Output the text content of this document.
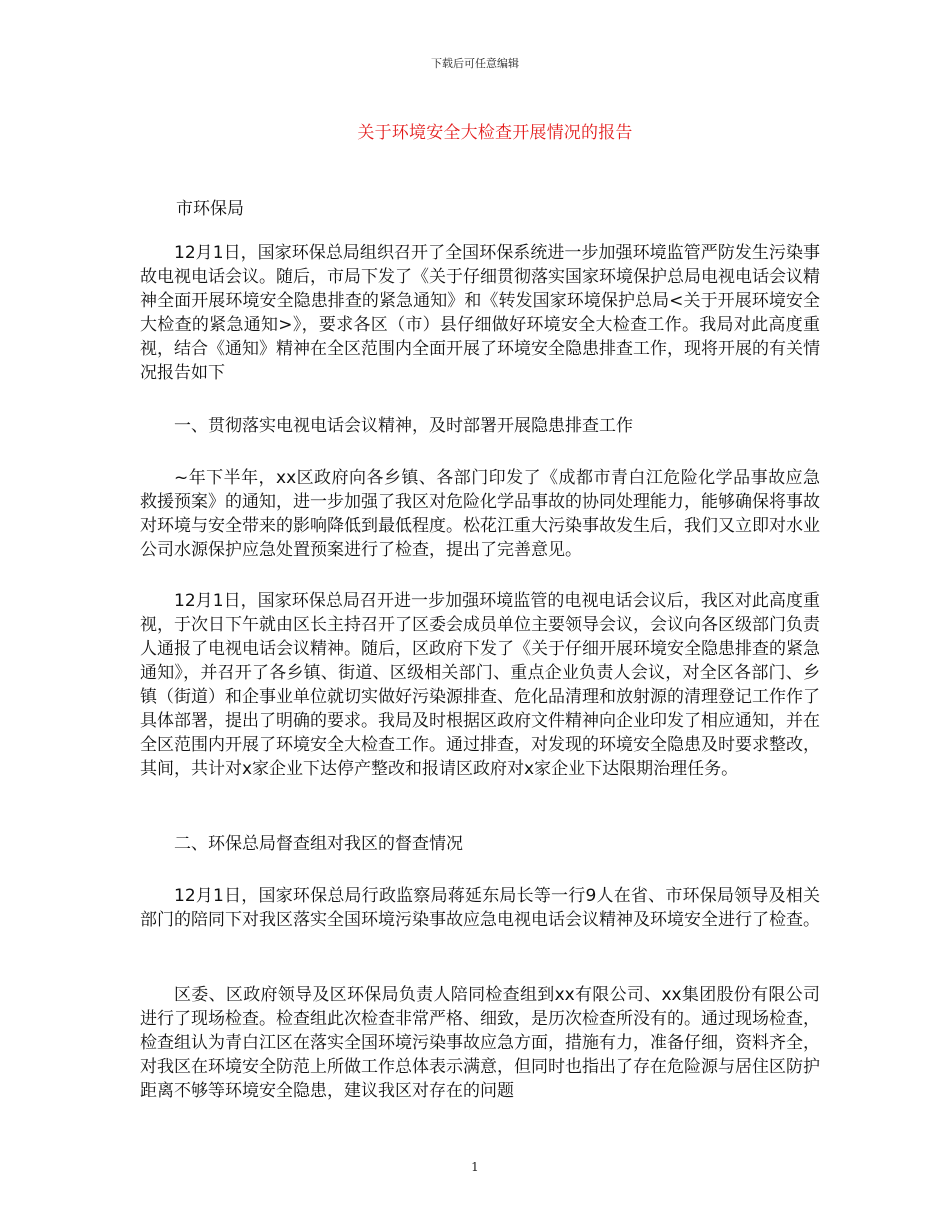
下载后可任意编辑
关于环境安全大检查开展情况的报告
市环保局

12月1日，国家环保总局组织召开了全国环保系统进一步加强环境监管严防发生污染事故电视电话会议。随后，市局下发了《关于仔细贯彻落实国家环境保护总局电视电话会议精神全面开展环境安全隐患排查的紧急通知》和《转发国家环境保护总局<关于开展环境安全大检查的紧急通知>》，要求各区（市）县仔细做好环境安全大检查工作。我局对此高度重视，结合《通知》精神在全区范围内全面开展了环境安全隐患排查工作，现将开展的有关情况报告如下

一、贯彻落实电视电话会议精神，及时部署开展隐患排查工作

~年下半年，xx区政府向各乡镇、各部门印发了《成都市青白江危险化学品事故应急救援预案》的通知，进一步加强了我区对危险化学品事故的协同处理能力，能够确保将事故对环境与安全带来的影响降低到最低程度。松花江重大污染事故发生后，我们又立即对水业公司水源保护应急处置预案进行了检查，提出了完善意见。

12月1日，国家环保总局召开进一步加强环境监管的电视电话会议后，我区对此高度重视，于次日下午就由区长主持召开了区委会成员单位主要领导会议，会议向各区级部门负责人通报了电视电话会议精神。随后，区政府下发了《关于仔细开展环境安全隐患排查的紧急通知》，并召开了各乡镇、街道、区级相关部门、重点企业负责人会议，对全区各部门、乡镇（街道）和企事业单位就切实做好污染源排查、危化品清理和放射源的清理登记工作作了具体部署，提出了明确的要求。我局及时根据区政府文件精神向企业印发了相应通知，并在全区范围内开展了环境安全大检查工作。通过排查，对发现的环境安全隐患及时要求整改，其间，共计对x家企业下达停产整改和报请区政府对x家企业下达限期治理任务。

二、环保总局督查组对我区的督查情况

12月1日，国家环保总局行政监察局蒋延东局长等一行9人在省、市环保局领导及相关部门的陪同下对我区落实全国环境污染事故应急电视电话会议精神及环境安全进行了检查。

区委、区政府领导及区环保局负责人陪同检查组到xx有限公司、xx集团股份有限公司进行了现场检查。检查组此次检查非常严格、细致，是历次检查所没有的。通过现场检查，检查组认为青白江区在落实全国环境污染事故应急方面，措施有力，准备仔细，资料齐全，对我区在环境安全防范上所做工作总体表示满意，但同时也指出了存在危险源与居住区防护距离不够等环境安全隐患，建议我区对存在的问题

1
